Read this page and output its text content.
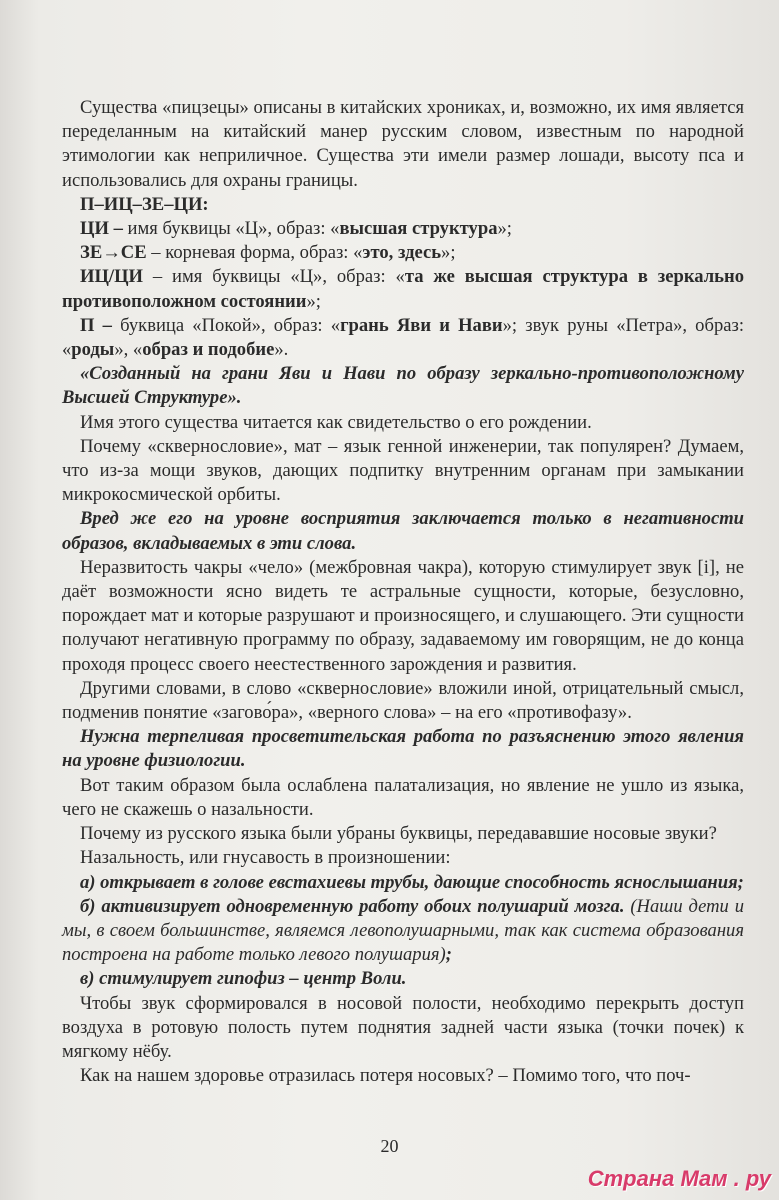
Существа «пицзецы» описаны в китайских хрониках, и, возможно, их имя является переделанным на китайский манер русским словом, известным по народной этимологии как неприличное. Существа эти имели размер лошади, высоту пса и использовались для охраны границы.

П–ИЦ–ЗЕ–ЦИ:

ЦИ – имя буквицы «Ц», образ: «высшая структура»;

ЗЕ→СЕ – корневая форма, образ: «это, здесь»;

ИЦ/ЦИ – имя буквицы «Ц», образ: «та же высшая структура в зеркально противоположном состоянии»;

П – буквица «Покой», образ: «грань Яви и Нави»; звук руны «Петра», образ: «роды», «образ и подобие».

«Созданный на грани Яви и Нави по образу зеркально-противоположному Высшей Структуре».

Имя этого существа читается как свидетельство о его рождении.

Почему «сквернословие», мат – язык генной инженерии, так популярен? Думаем, что из-за мощи звуков, дающих подпитку внутренним органам при замыкании микрокосмической орбиты.

Вред же его на уровне восприятия заключается только в негативности образов, вкладываемых в эти слова.

Неразвитость чакры «чело» (межбровная чакра), которую стимулирует звук [i], не даёт возможности ясно видеть те астральные сущности, которые, безусловно, порождает мат и которые разрушают и произносящего, и слушающего. Эти сущности получают негативную программу по образу, задаваемому им говорящим, не до конца проходя процесс своего неестественного зарождения и развития.

Другими словами, в слово «сквернословие» вложили иной, отрицательный смысл, подменив понятие «загово́ра», «верного слова» – на его «противофазу».

Нужна терпеливая просветительская работа по разъяснению этого явления на уровне физиологии.

Вот таким образом была ослаблена палатализация, но явление не ушло из языка, чего не скажешь о назальности.

Почему из русского языка были убраны буквицы, передававшие носовые звуки?

Назальность, или гнусавость в произношении:

а) открывает в голове евстахиевы трубы, дающие способность яснослышания;

б) активизирует одновременную работу обоих полушарий мозга. (Наши дети и мы, в своем большинстве, являемся левополушарными, так как система образования построена на работе только левого полушария);

в) стимулирует гипофиз – центр Воли.

Чтобы звук сформировался в носовой полости, необходимо перекрыть доступ воздуха в ротовую полость путем поднятия задней части языка (точки почек) к мягкому нёбу.

Как на нашем здоровье отразилась потеря носовых? – Помимо того, что поч-

20
Страна Мам . ру
